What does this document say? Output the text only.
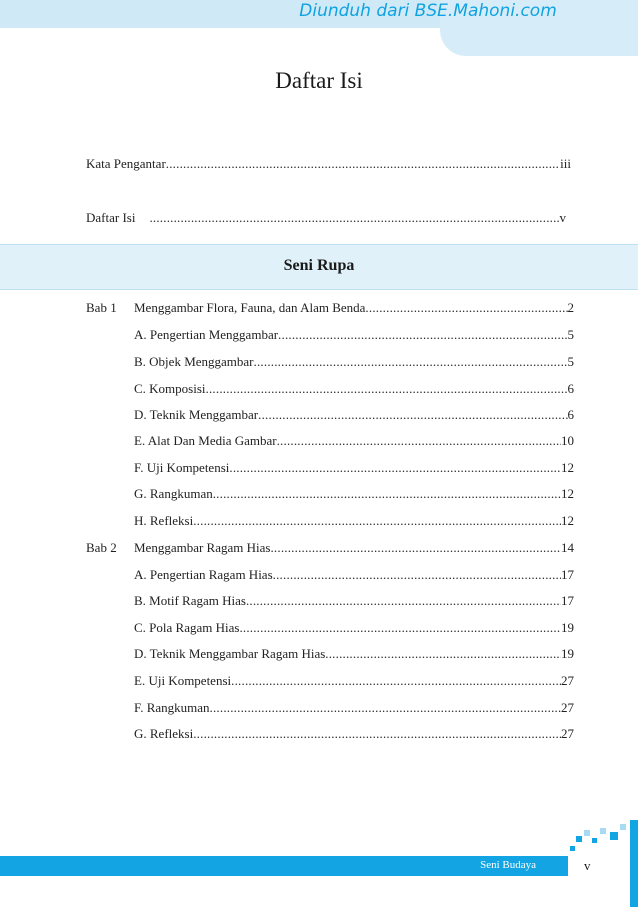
Diunduh dari BSE.Mahoni.com
Daftar Isi
Kata Pengantar .....	iii
Daftar Isi .....	v
Seni Rupa
Bab 1	Menggambar Flora, Fauna, dan Alam Benda .....	2
A. Pengertian Menggambar .....	5
B. Objek Menggambar .....	5
C. Komposisi .....	6
D. Teknik Menggambar .....	6
E. Alat Dan Media Gambar .....	10
F. Uji Kompetensi .....	12
G. Rangkuman .....	12
H. Refleksi .....	12
Bab 2	Menggambar Ragam Hias .....	14
A. Pengertian Ragam Hias .....	17
B. Motif Ragam Hias .....	17
C. Pola Ragam Hias .....	19
D. Teknik Menggambar Ragam Hias .....	19
E. Uji Kompetensi .....	27
F. Rangkuman .....	27
G. Refleksi .....	27
Seni Budaya	v
